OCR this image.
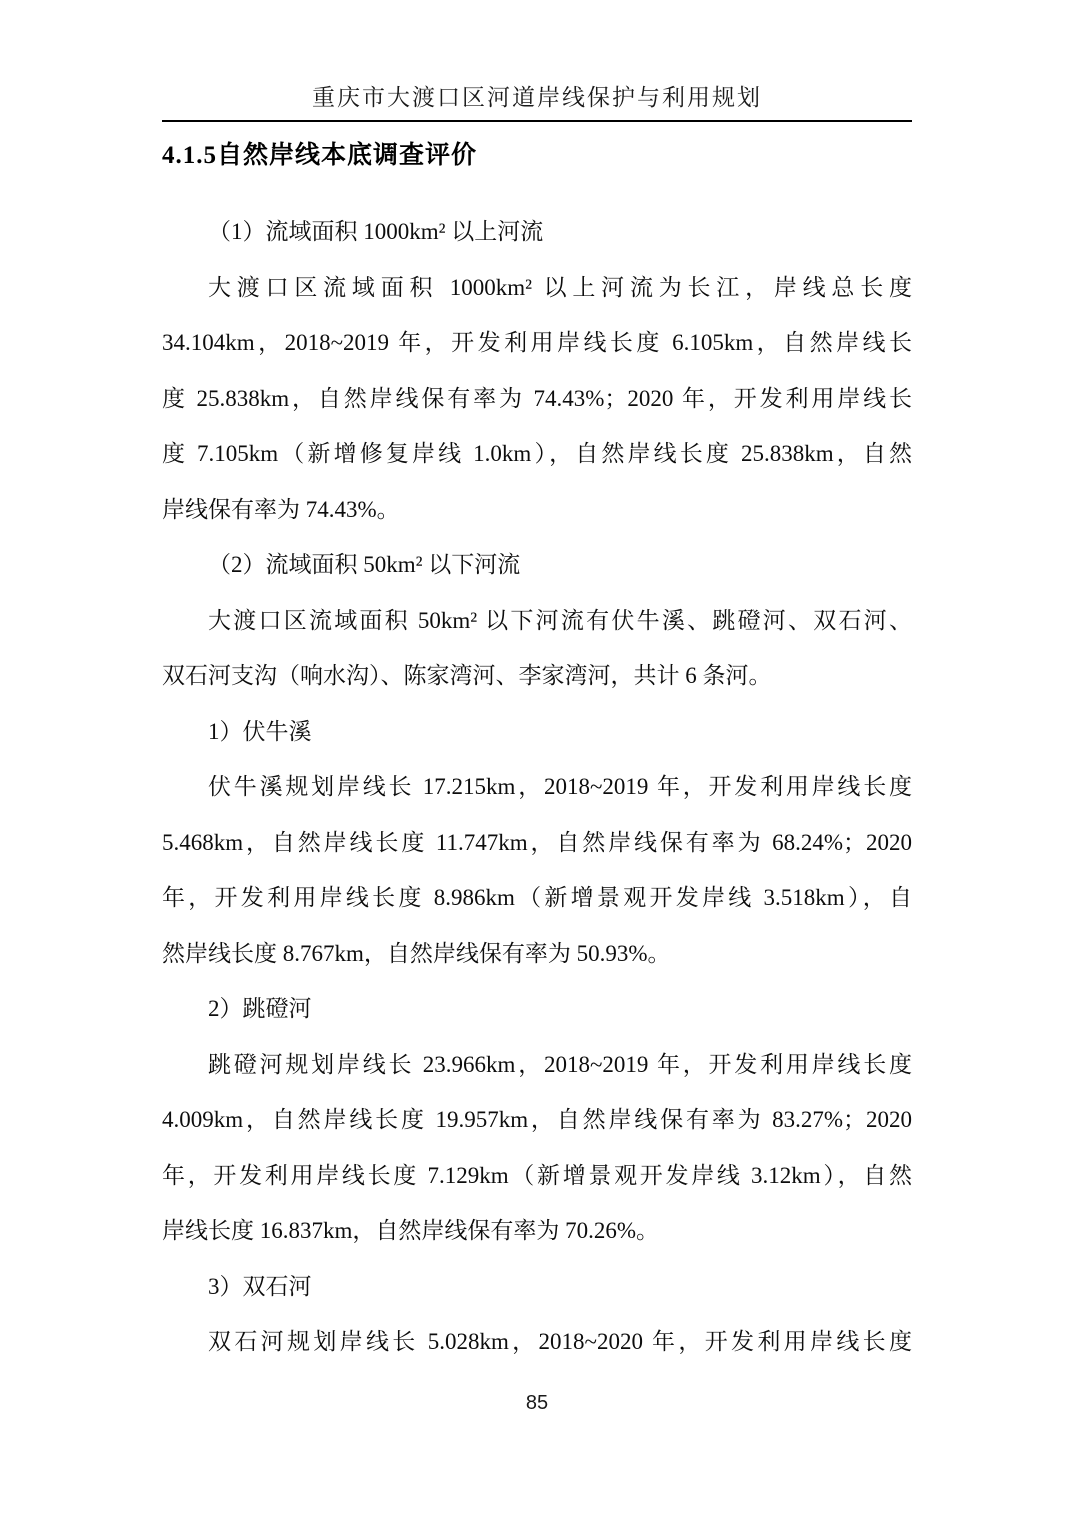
重庆市大渡口区河道岸线保护与利用规划
4.1.5自然岸线本底调查评价
（1）流域面积 1000km² 以上河流
大渡口区流域面积 1000km² 以上河流为长江，岸线总长度
34.104km，2018~2019 年，开发利用岸线长度 6.105km，自然岸线长
度 25.838km，自然岸线保有率为 74.43%；2020 年，开发利用岸线长
度 7.105km（新增修复岸线 1.0km），自然岸线长度 25.838km，自然
岸线保有率为 74.43%。
（2）流域面积 50km² 以下河流
大渡口区流域面积 50km² 以下河流有伏牛溪、跳磴河、双石河、
双石河支沟（响水沟）、陈家湾河、李家湾河，共计 6 条河。
1）伏牛溪
伏牛溪规划岸线长 17.215km，2018~2019 年，开发利用岸线长度
5.468km，自然岸线长度 11.747km，自然岸线保有率为 68.24%；2020
年，开发利用岸线长度 8.986km（新增景观开发岸线 3.518km），自
然岸线长度 8.767km，自然岸线保有率为 50.93%。
2）跳磴河
跳磴河规划岸线长 23.966km，2018~2019 年，开发利用岸线长度
4.009km，自然岸线长度 19.957km，自然岸线保有率为 83.27%；2020
年，开发利用岸线长度 7.129km（新增景观开发岸线 3.12km），自然
岸线长度 16.837km，自然岸线保有率为 70.26%。
3）双石河
双石河规划岸线长 5.028km，2018~2020 年，开发利用岸线长度
85
